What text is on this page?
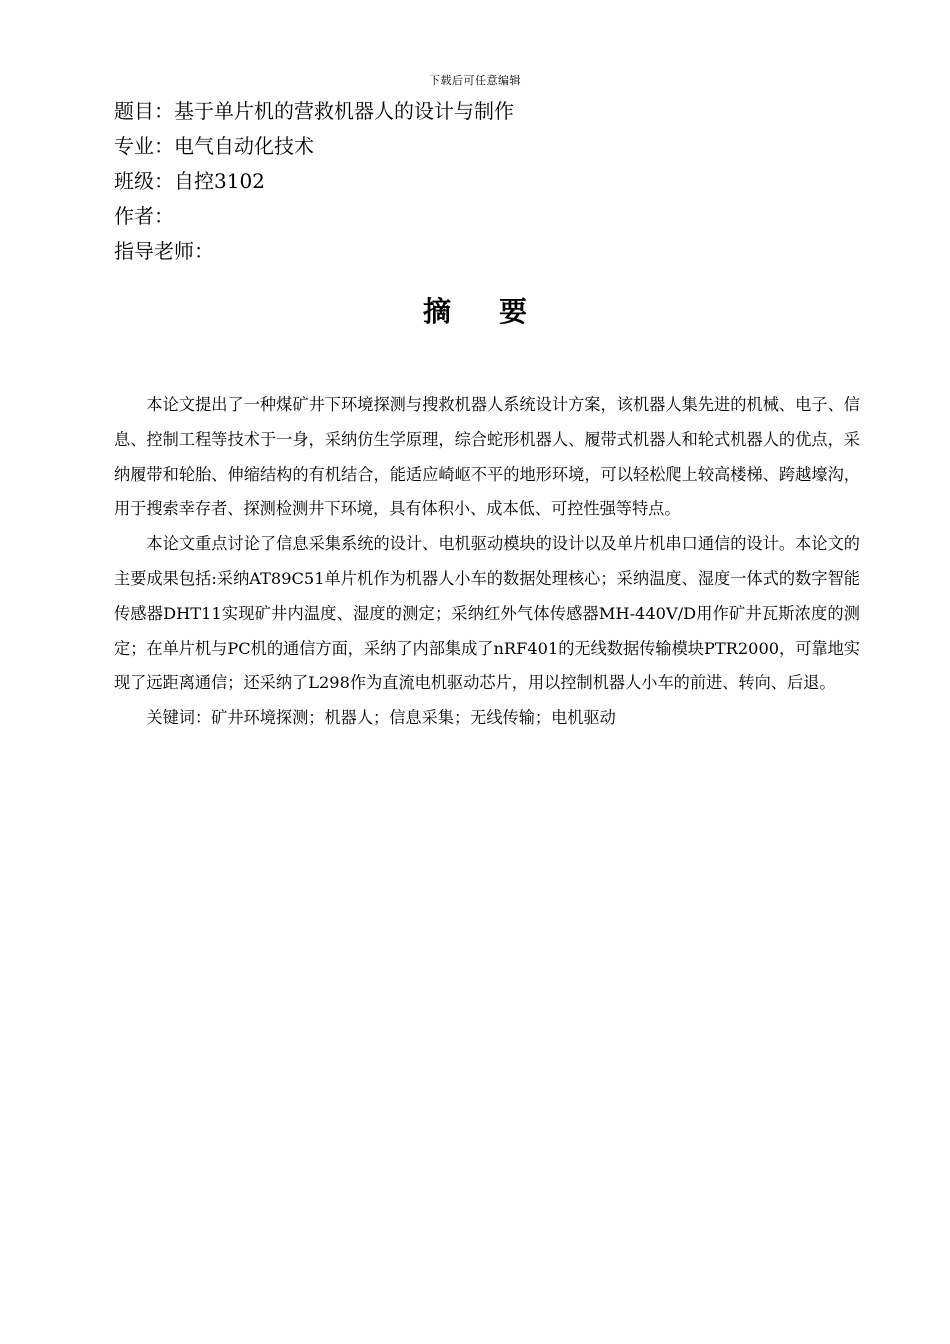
下载后可任意编辑
题目：基于单片机的营救机器人的设计与制作
专业：电气自动化技术
班级：自控3102
作者：
指导老师：
摘要

本论文提出了一种煤矿井下环境探测与搜救机器人系统设计方案，该机器人集先进的机械、电子、信息、控制工程等技术于一身，采纳仿生学原理，综合蛇形机器人、履带式机器人和轮式机器人的优点，采纳履带和轮胎、伸缩结构的有机结合，能适应崎岖不平的地形环境，可以轻松爬上较高楼梯、跨越壕沟，用于搜索幸存者、探测检测井下环境，具有体积小、成本低、可控性强等特点。

本论文重点讨论了信息采集系统的设计、电机驱动模块的设计以及单片机串口通信的设计。本论文的主要成果包括:采纳AT89C51单片机作为机器人小车的数据处理核心；采纳温度、湿度一体式的数字智能传感器DHT11实现矿井内温度、湿度的测定；采纳红外气体传感器MH-440V/D用作矿井瓦斯浓度的测定；在单片机与PC机的通信方面，采纳了内部集成了nRF401的无线数据传输模块PTR2000，可靠地实现了远距离通信；还采纳了L298作为直流电机驱动芯片，用以控制机器人小车的前进、转向、后退。

关键词：矿井环境探测；机器人；信息采集；无线传输；电机驱动
